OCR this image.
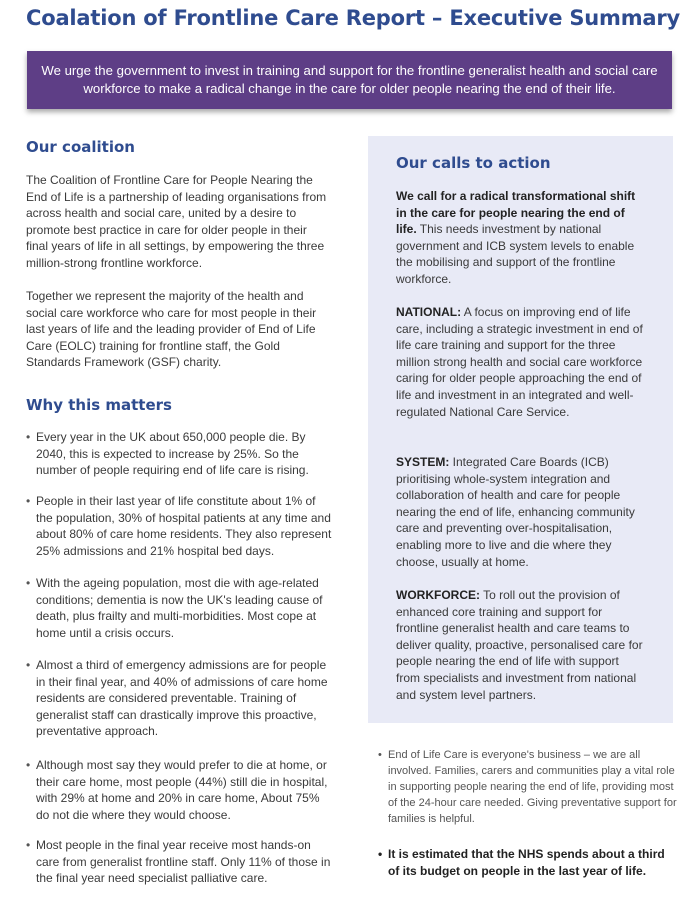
Coalation of Frontline Care Report – Executive Summary
We urge the government to invest in training and support for the frontline generalist health and social care workforce to make a radical change in the care for older people nearing the end of their life.
Our coalition

The Coalition of Frontline Care for People Nearing the End of Life is a partnership of leading organisations from across health and social care, united by a desire to promote best practice in care for older people in their final years of life in all settings, by empowering the three million-strong frontline workforce.

Together we represent the majority of the health and social care workforce who care for most people in their last years of life and the leading provider of End of Life Care (EOLC) training for frontline staff, the Gold Standards Framework (GSF) charity.

Why this matters
• Every year in the UK about 650,000 people die. By 2040, this is expected to increase by 25%. So the number of people requiring end of life care is rising.
• People in their last year of life constitute about 1% of the population, 30% of hospital patients at any time and about 80% of care home residents. They also represent 25% admissions and 21% hospital bed days.
• With the ageing population, most die with age-related conditions; dementia is now the UK's leading cause of death, plus frailty and multi-morbidities. Most cope at home until a crisis occurs.
• Almost a third of emergency admissions are for people in their final year, and 40% of admissions of care home residents are considered preventable. Training of generalist staff can drastically improve this proactive, preventative approach.
• Although most say they would prefer to die at home, or their care home, most people (44%) still die in hospital, with 29% at home and 20% in care home, About 75% do not die where they would choose.
• Most people in the final year receive most hands-on care from generalist frontline staff. Only 11% of those in the final year need specialist palliative care.
Our calls to action

We call for a radical transformational shift in the care for people nearing the end of life. This needs investment by national government and ICB system levels to enable the mobilising and support of the frontline workforce.

NATIONAL: A focus on improving end of life care, including a strategic investment in end of life care training and support for the three million strong health and social care workforce caring for older people approaching the end of life and investment in an integrated and well-regulated National Care Service.

SYSTEM: Integrated Care Boards (ICB) prioritising whole-system integration and collaboration of health and care for people nearing the end of life, enhancing community care and preventing over-hospitalisation, enabling more to live and die where they choose, usually at home.

WORKFORCE: To roll out the provision of enhanced core training and support for frontline generalist health and care teams to deliver quality, proactive, personalised care for people nearing the end of life with support from specialists and investment from national and system level partners.

• End of Life Care is everyone's business – we are all involved. Families, carers and communities play a vital role in supporting people nearing the end of life, providing most of the 24-hour care needed. Giving preventative support for families is helpful.
• It is estimated that the NHS spends about a third of its budget on people in the last year of life.
